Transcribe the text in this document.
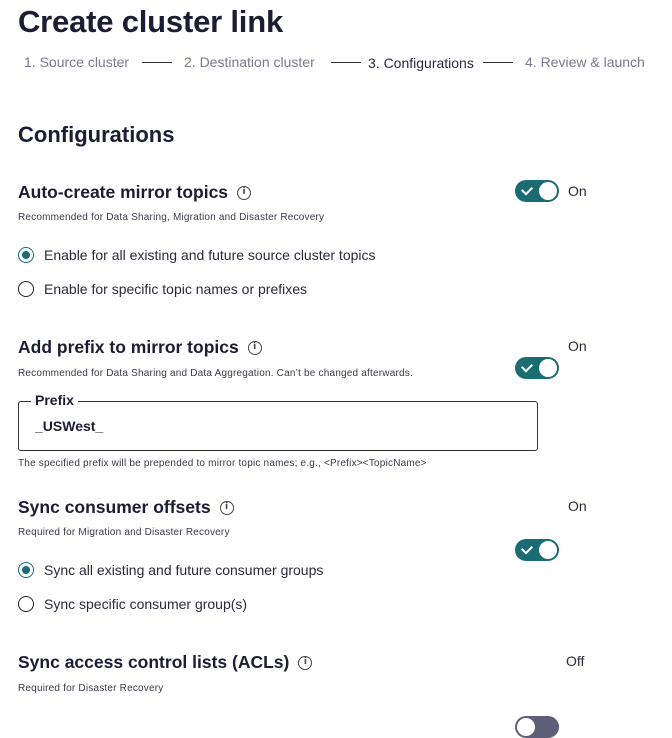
Create cluster link
1. Source cluster	2. Destination cluster	3. Configurations	4. Review & launch
Configurations
Auto-create mirror topics	i
Recommended for Data Sharing, Migration and Disaster Recovery
On
Enable for all existing and future source cluster topics
Enable for specific topic names or prefixes
Add prefix to mirror topics	i
Recommended for Data Sharing and Data Aggregation. Can’t be changed afterwards.
On
Prefix
_USWest_
The specified prefix will be prepended to mirror topic names; e.g., <Prefix><TopicName>
Sync consumer offsets	i
Required for Migration and Disaster Recovery
On
Sync all existing and future consumer groups
Sync specific consumer group(s)
Sync access control lists (ACLs)	i
Required for Disaster Recovery
Off
